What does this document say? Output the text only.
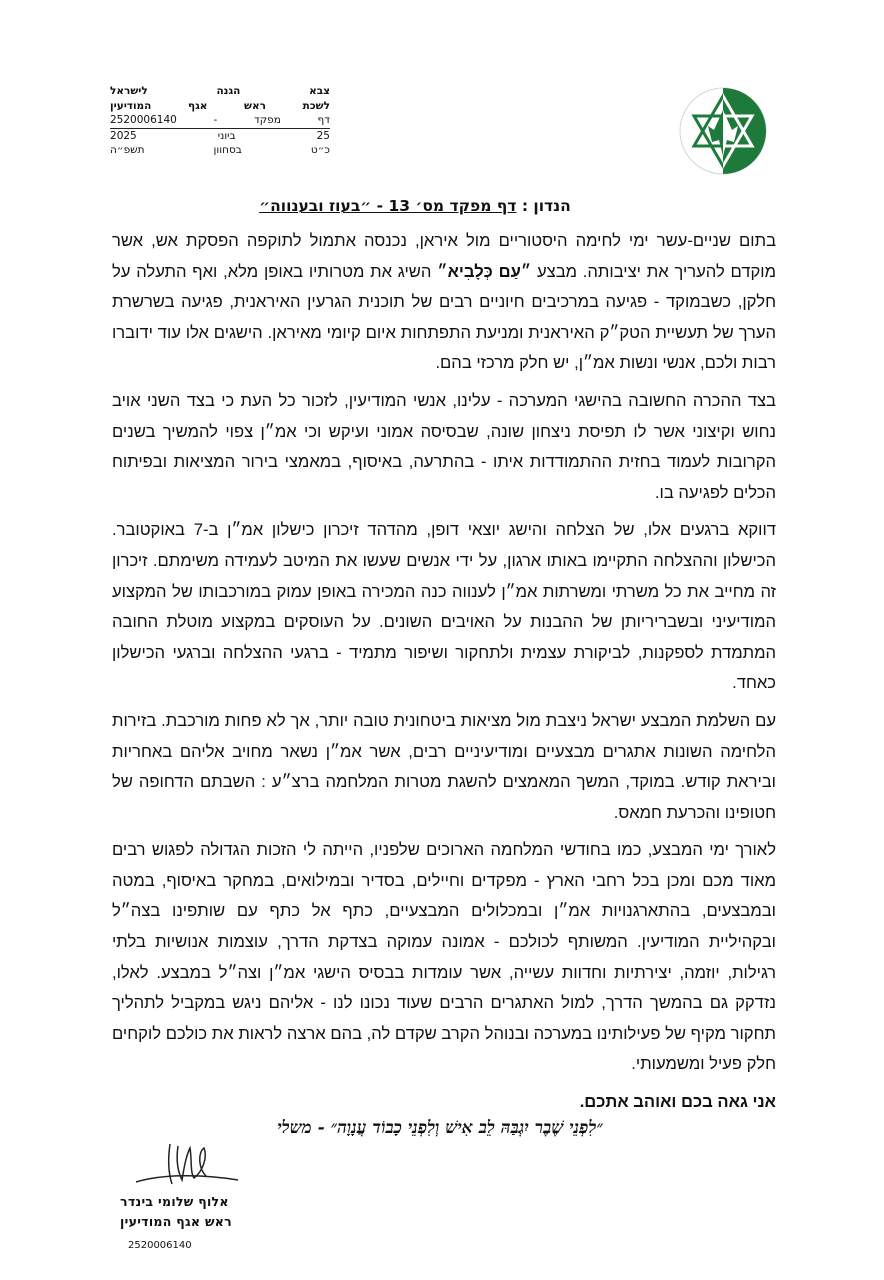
צבא
הגנה
לישראל
לשכת
ראש
אגף
המודיעין
דף
מפקד
-
2520006140
25
ביוני
2025
כ״ט
בסחוון
תשפ״ה
הנדון : דף מפקד מס׳ 13 - ״בעוז ובענווה״

בתום שניים-עשר ימי לחימה היסטוריים מול איראן, נכנסה אתמול לתוקפה הפסקת אש, אשר מוקדם להעריך את יציבותה. מבצע ״עַם כְּלָבִיא״ השיג את מטרותיו באופן מלא, ואף התעלה על חלקן, כשבמוקד - פגיעה במרכיבים חיוניים רבים של תוכנית הגרעין האיראנית, פגיעה בשרשרת הערך של תעשיית הטק״ק האיראנית ומניעת התפתחות איום קיומי מאיראן. הישגים אלו עוד ידוברו רבות ולכם, אנשי ונשות אמ״ן, יש חלק מרכזי בהם.

בצד ההכרה החשובה בהישגי המערכה - עלינו, אנשי המודיעין, לזכור כל העת כי בצד השני אויב נחוש וקיצוני אשר לו תפיסת ניצחון שונה, שבסיסה אמוני ועיקש וכי אמ״ן צפוי להמשיך בשנים הקרובות לעמוד בחזית ההתמודדות איתו - בהתרעה, באיסוף, במאמצי בירור המציאות ובפיתוח הכלים לפגיעה בו.

דווקא ברגעים אלו, של הצלחה והישג יוצאי דופן, מהדהד זיכרון כישלון אמ״ן ב-7 באוקטובר. הכישלון וההצלחה התקיימו באותו ארגון, על ידי אנשים שעשו את המיטב לעמידה משימתם. זיכרון זה מחייב את כל משרתי ומשרתות אמ״ן לענווה כנה המכירה באופן עמוק במורכבותו של המקצוע המודיעיני ובשבריריותן של ההבנות על האויבים השונים. על העוסקים במקצוע מוטלת החובה המתמדת לספקנות, לביקורת עצמית ולתחקור ושיפור מתמיד - ברגעי ההצלחה וברגעי הכישלון כאחד.

עם השלמת המבצע ישראל ניצבת מול מציאות ביטחונית טובה יותר, אך לא פחות מורכבת. בזירות הלחימה השונות אתגרים מבצעיים ומודיעיניים רבים, אשר אמ״ן נשאר מחויב אליהם באחריות וביראת קודש. במוקד, המשך המאמצים להשגת מטרות המלחמה ברצ״ע : השבתם הדחופה של חטופינו והכרעת חמאס.

לאורך ימי המבצע, כמו בחודשי המלחמה הארוכים שלפניו, הייתה לי הזכות הגדולה לפגוש רבים מאוד מכם ומכן בכל רחבי הארץ - מפקדים וחיילים, בסדיר ובמילואים, במחקר באיסוף, במטה ובמבצעים, בהתארגנויות אמ״ן ובמכלולים המבצעיים, כתף אל כתף עם שותפינו בצה״ל ובקהיליית המודיעין. המשותף לכולכם - אמונה עמוקה בצדקת הדרך, עוצמות אנושיות בלתי רגילות, יוזמה, יצירתיות וחדוות עשייה, אשר עומדות בבסיס הישגי אמ״ן וצה״ל במבצע. לאלו, נזדקק גם בהמשך הדרך, למול האתגרים הרבים שעוד נכונו לנו - אליהם ניגש במקביל לתהליך תחקור מקיף של פעילותינו במערכה ובנוהל הקרב שקדם לה, בהם ארצה לראות את כולכם לוקחים חלק פעיל ומשמעותי.

אני גאה בכם ואוהב אתכם.

״לִפְנֵי שֶׁבֶר יִגְבַּהּ לֵב אִישׁ וְלִפְנֵי כָבוֹד עֲנָוָה״ - משלי
אלוף שלומי בינדר
ראש אגף המודיעין
2520006140
